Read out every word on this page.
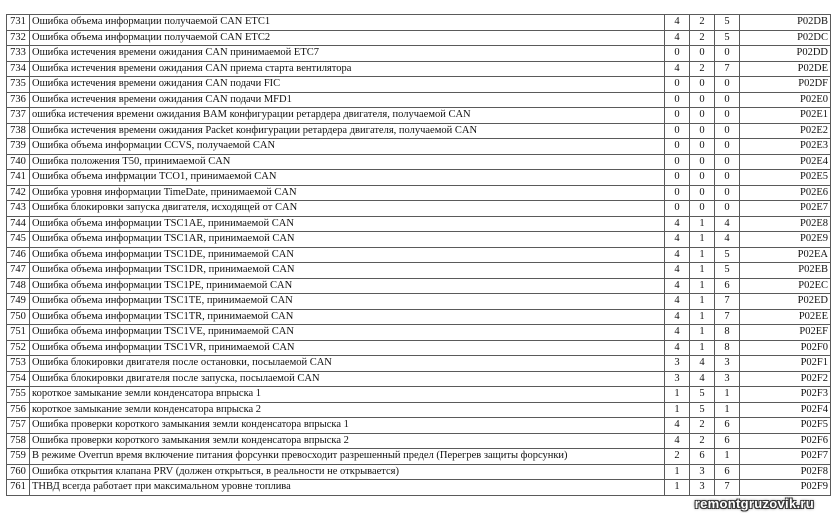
731	Ошибка объема информации получаемой CAN ETC1	4	2	5	P02DB
732	Ошибка объема информации получаемой CAN ETC2	4	2	5	P02DC
733	Ошибка истечения времени ожидания CAN принимаемой ETC7	0	0	0	P02DD
734	Ошибка истечения времени ожидания CAN приема старта вентилятора	4	2	7	P02DE
735	Ошибка истечения времени ожидания CAN подачи FIC	0	0	0	P02DF
736	Ошибка истечения времени ожидания CAN подачи MFD1	0	0	0	P02E0
737	ошибка истечения времени ожидания BAM конфигурации ретардера двигателя, получаемой CAN	0	0	0	P02E1
738	Ошибка истечения времени ожидания Packet конфигурации ретардера двигателя, получаемой CAN	0	0	0	P02E2
739	Ошибка объема информации CCVS, получаемой CAN	0	0	0	P02E3
740	Ошибка положения T50, принимаемой CAN	0	0	0	P02E4
741	Ошибка объема инфрмации TCO1, принимаемой CAN	0	0	0	P02E5
742	Ошибка уровня информации TimeDate, принимаемой CAN	0	0	0	P02E6
743	Ошибка блокировки запуска двигателя, исходящей от CAN	0	0	0	P02E7
744	Ошибка объема информации TSC1AE, принимаемой CAN	4	1	4	P02E8
745	Ошибка объема информации TSC1AR, принимаемой CAN	4	1	4	P02E9
746	Ошибка объема информации TSC1DE, принимаемой CAN	4	1	5	P02EA
747	Ошибка объема информации TSC1DR, принимаемой CAN	4	1	5	P02EB
748	Ошибка объема информации TSC1PE, принимаемой CAN	4	1	6	P02EC
749	Ошибка объема информации TSC1TE, принимаемой CAN	4	1	7	P02ED
750	Ошибка объема информации TSC1TR, принимаемой CAN	4	1	7	P02EE
751	Ошибка объема информации TSC1VE, принимаемой CAN	4	1	8	P02EF
752	Ошибка объема информации TSC1VR, принимаемой CAN	4	1	8	P02F0
753	Ошибка блокировки двигателя после остановки, посылаемой CAN	3	4	3	P02F1
754	Ошибка блокировки двигателя после запуска, посылаемой CAN	3	4	3	P02F2
755	короткое замыкание земли конденсатора впрыска 1	1	5	1	P02F3
756	короткое замыкание земли конденсатора впрыска 2	1	5	1	P02F4
757	Ошибка проверки короткого замыкания земли конденсатора впрыска 1	4	2	6	P02F5
758	Ошибка проверки короткого замыкания земли конденсатора впрыска 2	4	2	6	P02F6
759	В режиме Overrun время включение питания форсунки превосходит разрешенный предел (Перегрев защиты форсунки)	2	6	1	P02F7
760	Ошибка открытия клапана PRV (должен открыться, в реальности не открывается)	1	3	6	P02F8
761	ТНВД всегда работает при максимальном уровне топлива	1	3	7	P02F9
remontgruzovik.ru
